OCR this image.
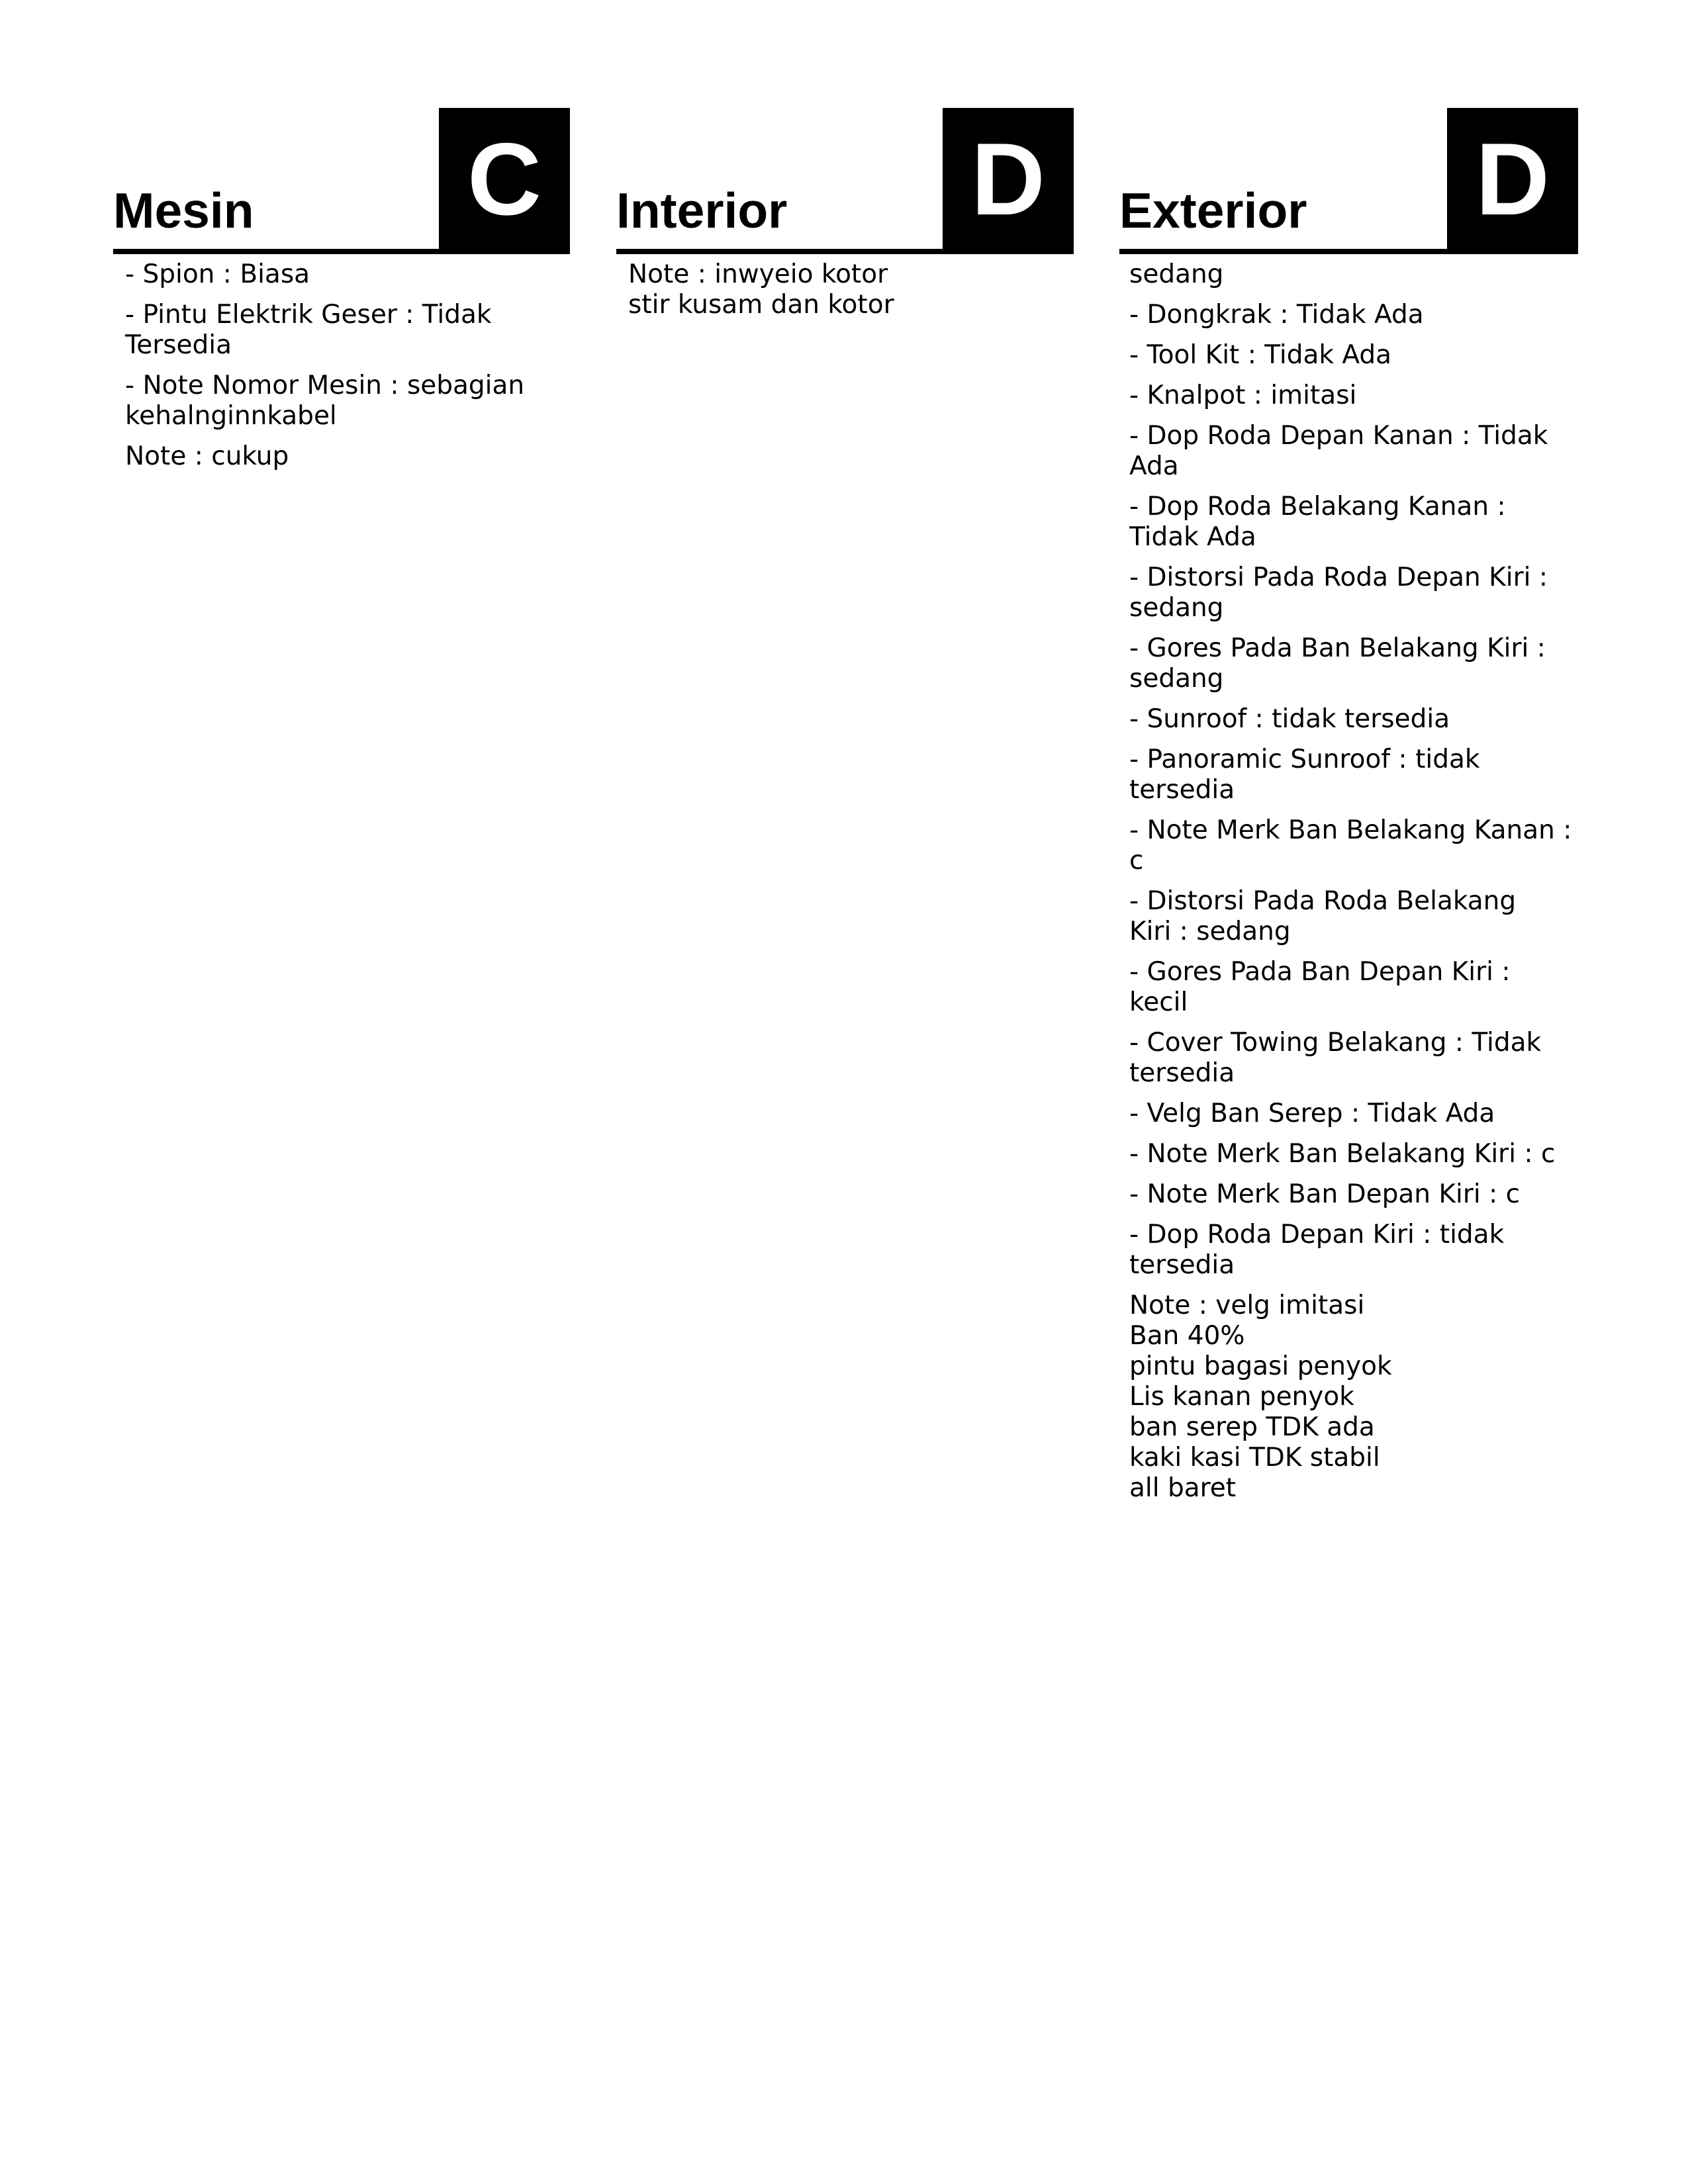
Mesin C
- Spion : Biasa
- Pintu Elektrik Geser : Tidak
Tersedia
- Note Nomor Mesin : sebagian
kehalnginnkabel
Note : cukup
Interior D
Note : inwyeio kotor
stir kusam dan kotor
Exterior D
sedang
- Dongkrak : Tidak Ada
- Tool Kit : Tidak Ada
- Knalpot : imitasi
- Dop Roda Depan Kanan : Tidak
Ada
- Dop Roda Belakang Kanan :
Tidak Ada
- Distorsi Pada Roda Depan Kiri :
sedang
- Gores Pada Ban Belakang Kiri :
sedang
- Sunroof : tidak tersedia
- Panoramic Sunroof : tidak
tersedia
- Note Merk Ban Belakang Kanan :
c
- Distorsi Pada Roda Belakang
Kiri : sedang
- Gores Pada Ban Depan Kiri : kecil
- Cover Towing Belakang : Tidak
tersedia
- Velg Ban Serep : Tidak Ada
- Note Merk Ban Belakang Kiri : c
- Note Merk Ban Depan Kiri : c
- Dop Roda Depan Kiri : tidak
tersedia
Note : velg imitasi
Ban 40%
pintu bagasi penyok
Lis kanan penyok
ban serep TDK ada
kaki kasi TDK stabil
all baret
